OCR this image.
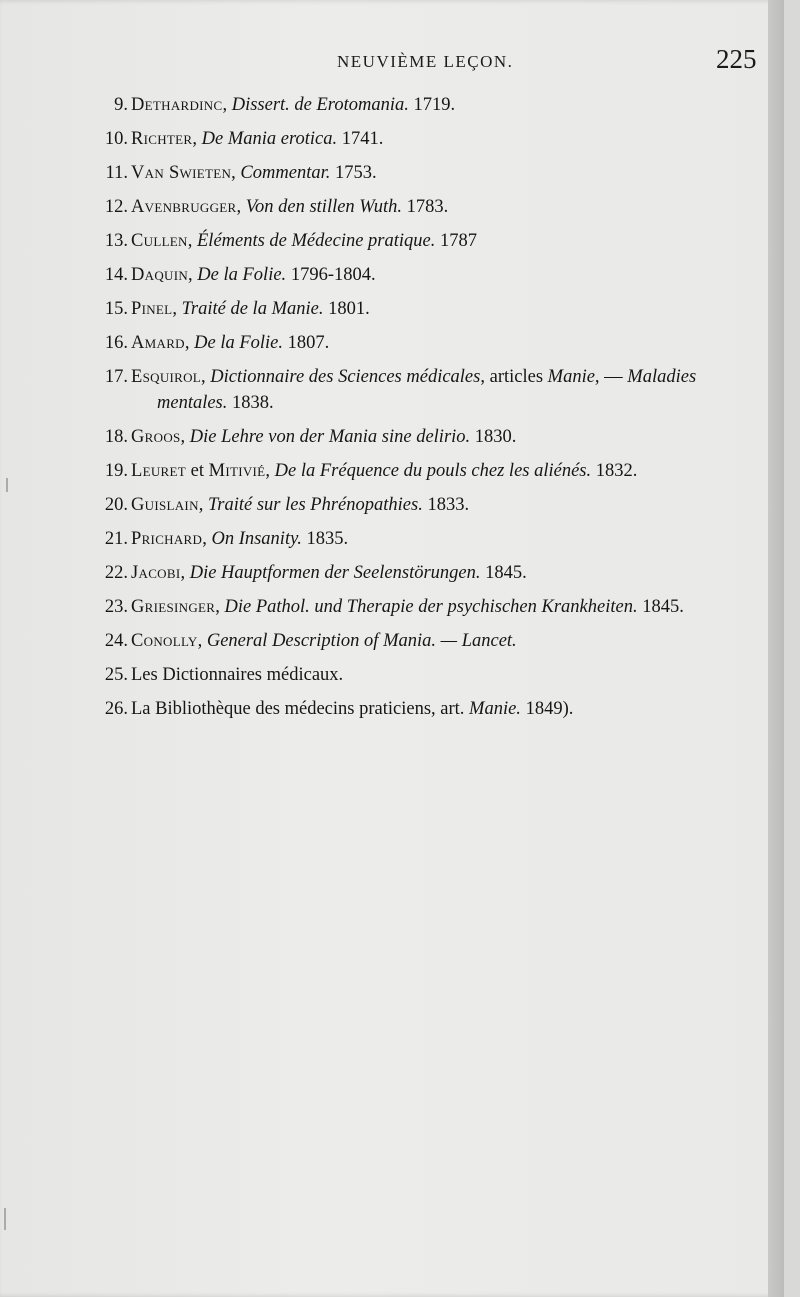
NEUVIÈME LEÇON.	225
9. Dethardinc, Dissert. de Erotomania. 1719.
10. Richter, De Mania erotica. 1741.
11. Van Swieten, Commentar. 1753.
12. Avenbrugger, Von den stillen Wuth. 1783.
13. Cullen, Éléments de Médecine pratique. 1787
14. Daquin, De la Folie. 1796-1804.
15. Pinel, Traité de la Manie. 1801.
16. Amard, De la Folie. 1807.
17. Esquirol, Dictionnaire des Sciences médicales, articles Manie, — Maladies
mentales. 1838.
18. Groos, Die Lehre von der Mania sine delirio. 1830.
19. Leuret et Mitivié, De la Fréquence du pouls chez les aliénés. 1832.
20. Guislain, Traité sur les Phrénopathies. 1833.
21. Prichard, On Insanity. 1835.
22. Jacobi, Die Hauptformen der Seelenstörungen. 1845.
23. Griesinger, Die Pathol. und Therapie der psychischen Krankheiten. 1845.
24. Conolly, General Description of Mania. — Lancet.
25. Les Dictionnaires médicaux.
26. La Bibliothèque des médecins praticiens, art. Manie. 1849).
